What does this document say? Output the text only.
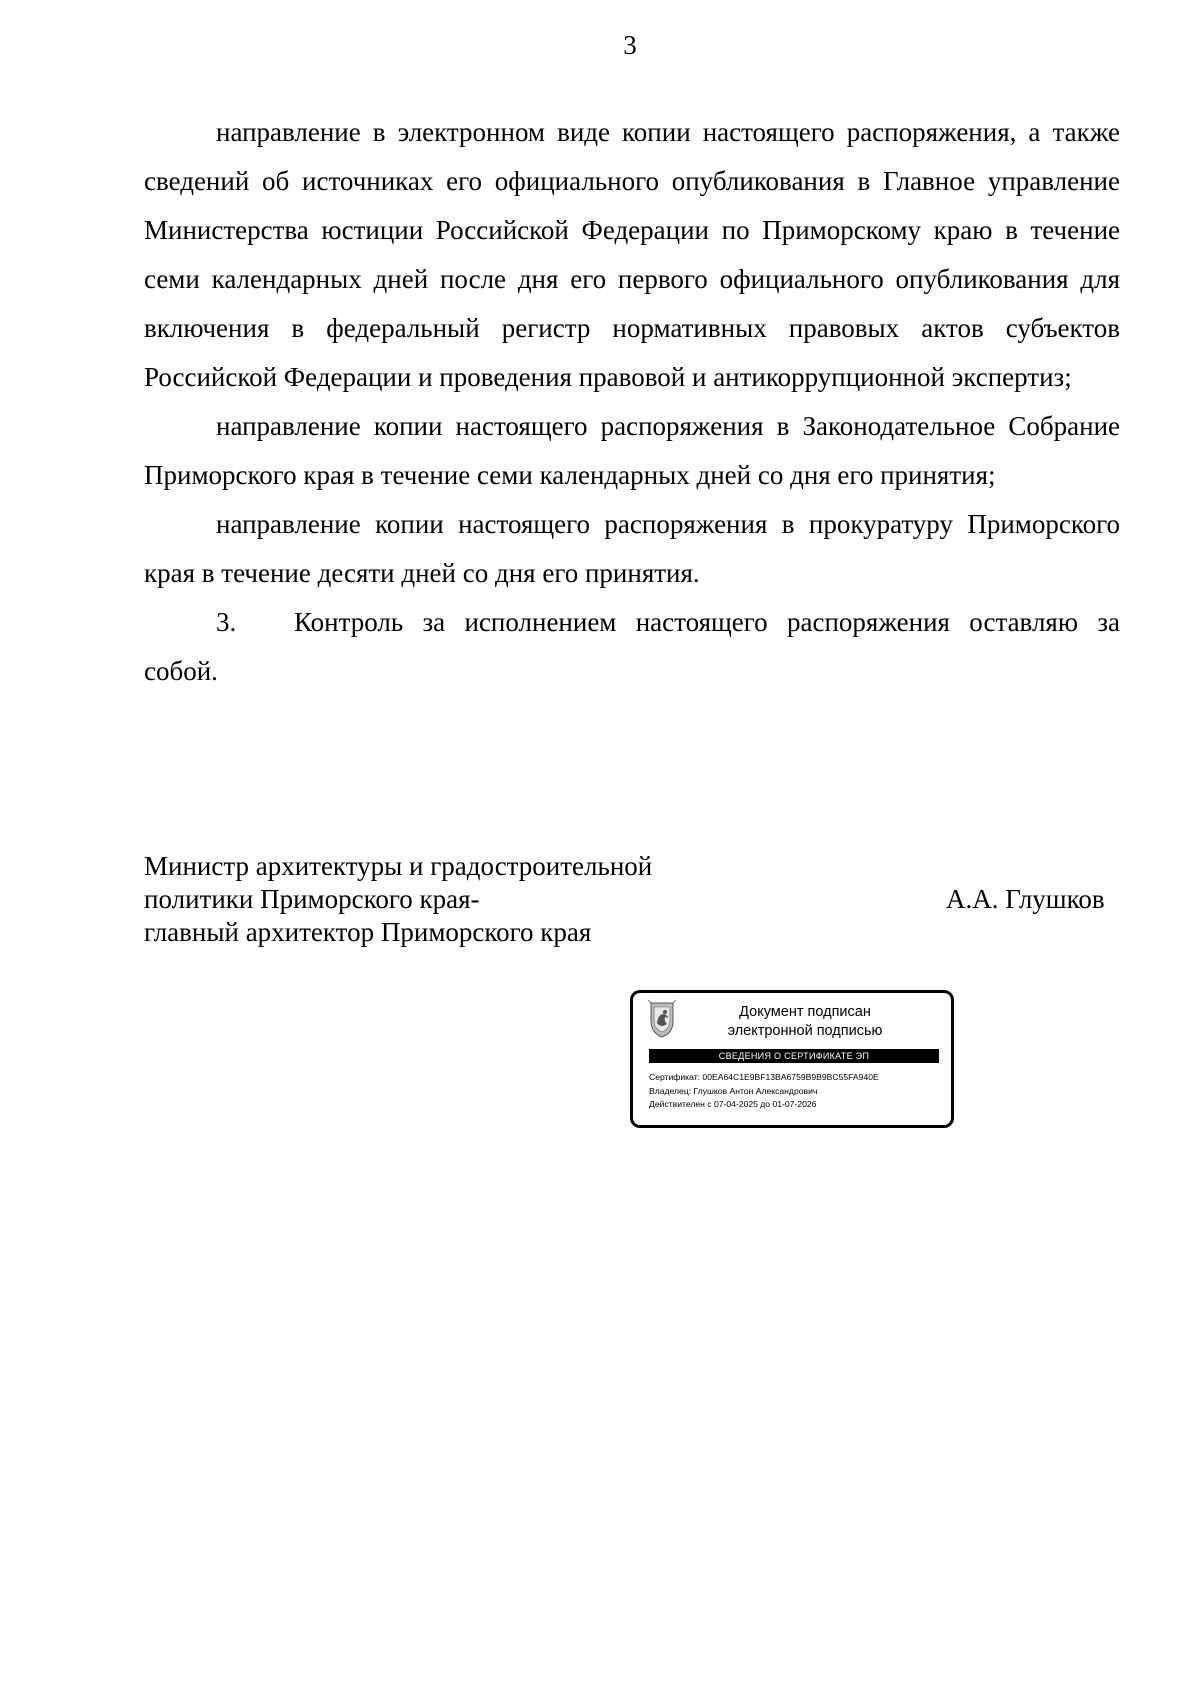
3

направление в электронном виде копии настоящего распоряжения, а также сведений об источниках его официального опубликования в Главное управление Министерства юстиции Российской Федерации по Приморскому краю в течение семи календарных дней после дня его первого официального опубликования для включения в федеральный регистр нормативных правовых актов субъектов Российской Федерации и проведения правовой и антикоррупционной экспертиз;

направление копии настоящего распоряжения в Законодательное Собрание Приморского края в течение семи календарных дней со дня его принятия;

направление копии настоящего распоряжения в прокуратуру Приморского края в течение десяти дней со дня его принятия.

3. Контроль за исполнением настоящего распоряжения оставляю за собой.

Министр архитектуры и градостроительной
политики Приморского края-
главный архитектор Приморского края
А.А. Глушков
Документ подписан
электронной подписью
СВЕДЕНИЯ О СЕРТИФИКАТЕ ЭП
Сертификат: 00EA64C1E9BF13BA6759B9B9BC55FA940E
Владелец: Глушков Антон Александрович
Действителен с 07-04-2025 до 01-07-2026
